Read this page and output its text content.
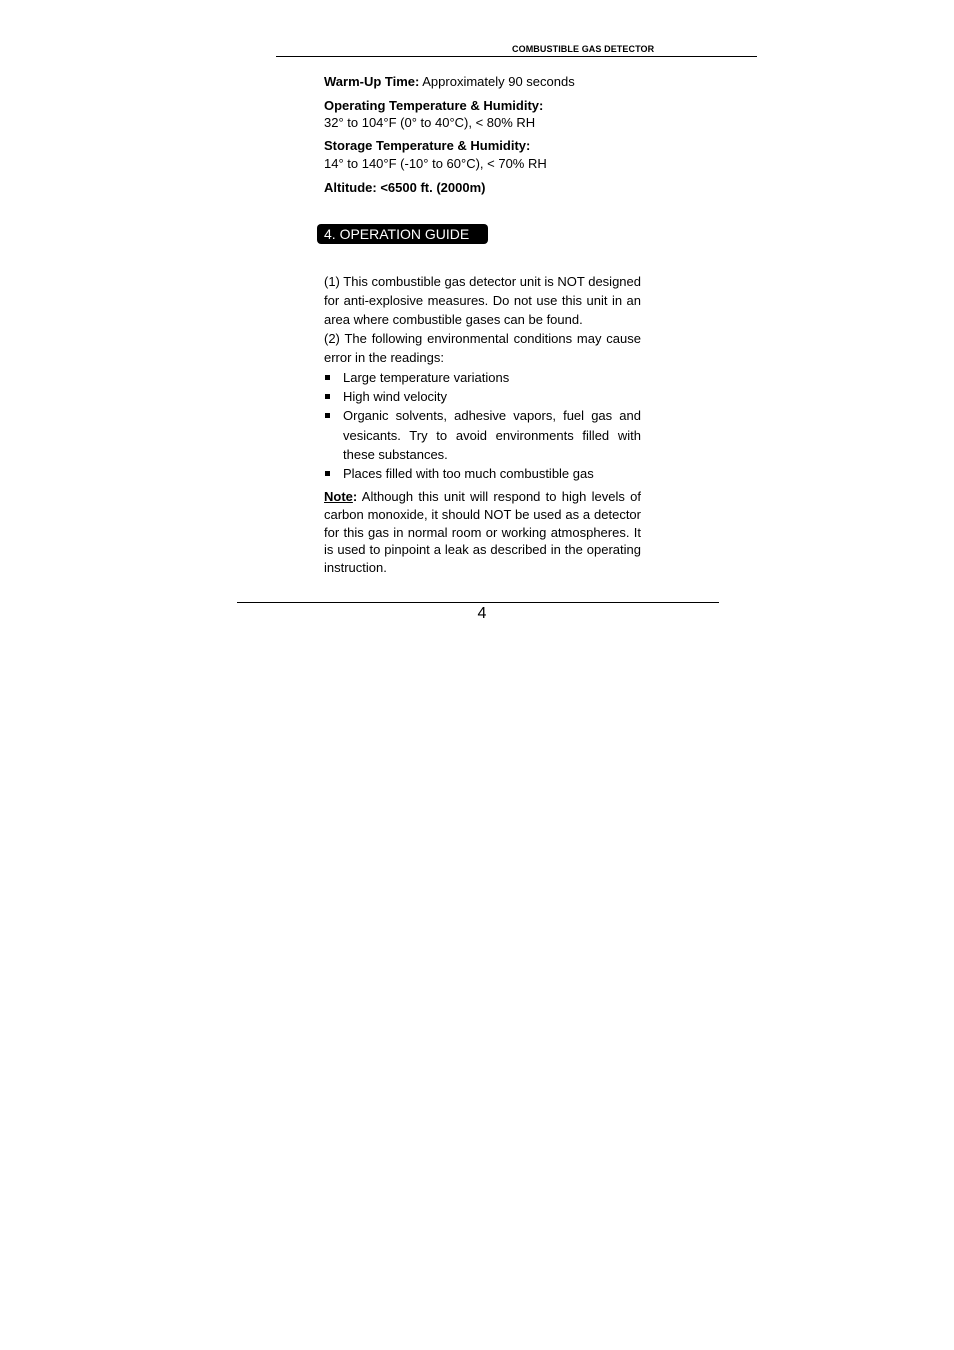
COMBUSTIBLE GAS DETECTOR
Warm-Up Time: Approximately 90 seconds
Operating Temperature & Humidity:
32° to 104°F (0° to 40°C), < 80% RH
Storage Temperature & Humidity:
14° to 140°F (-10° to 60°C), < 70% RH
Altitude: <6500 ft. (2000m)
4. OPERATION GUIDE
(1) This combustible gas detector unit is NOT designed for anti-explosive measures. Do not use this unit in an area where combustible gases can be found.
(2) The following environmental conditions may cause error in the readings:
Large temperature variations
High wind velocity
Organic solvents, adhesive vapors, fuel gas and vesicants. Try to avoid environments filled with these substances.
Places filled with too much combustible gas
Note: Although this unit will respond to high levels of carbon monoxide, it should NOT be used as a detector for this gas in normal room or working atmospheres. It is used to pinpoint a leak as described in the operating instruction.
4
